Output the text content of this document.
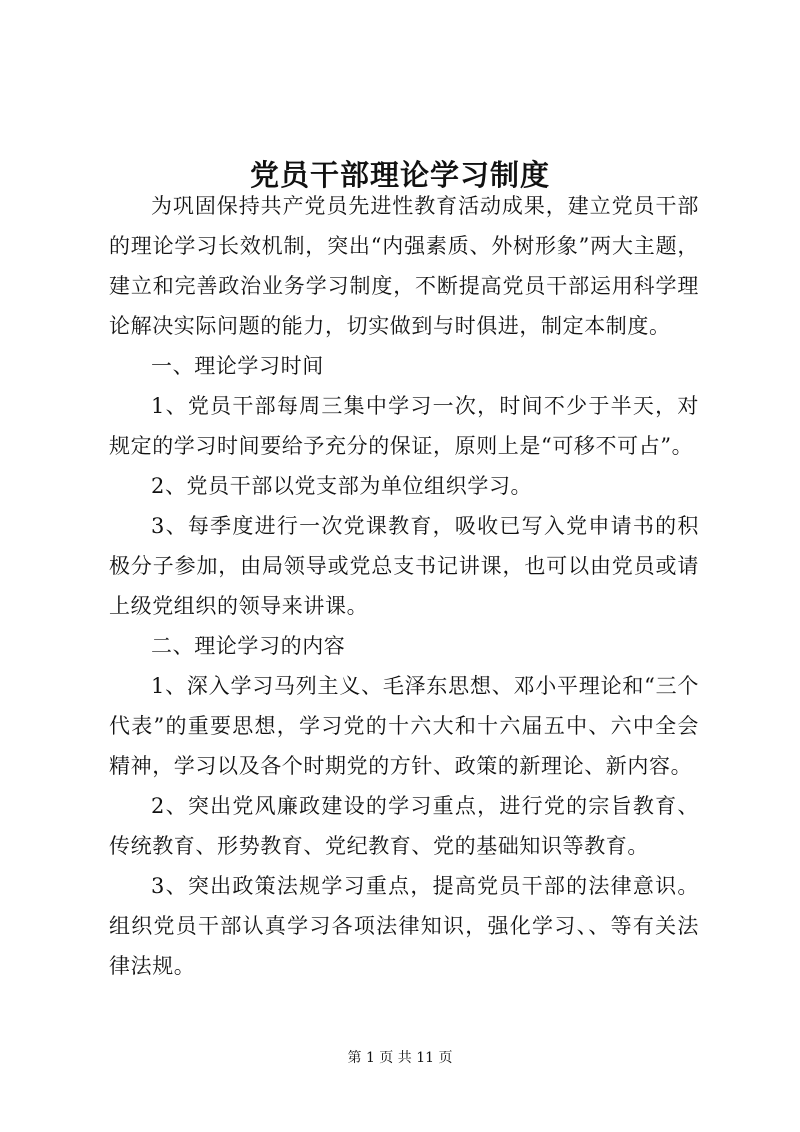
党员干部理论学习制度

为巩固保持共产党员先进性教育活动成果，建立党员干部的理论学习长效机制，突出“内强素质、外树形象”两大主题，建立和完善政治业务学习制度，不断提高党员干部运用科学理论解决实际问题的能力，切实做到与时俱进，制定本制度。

一、理论学习时间

1、党员干部每周三集中学习一次，时间不少于半天，对规定的学习时间要给予充分的保证，原则上是“可移不可占”。

2、党员干部以党支部为单位组织学习。

3、每季度进行一次党课教育，吸收已写入党申请书的积极分子参加，由局领导或党总支书记讲课，也可以由党员或请上级党组织的领导来讲课。

二、理论学习的内容

1、深入学习马列主义、毛泽东思想、邓小平理论和“三个代表”的重要思想，学习党的十六大和十六届五中、六中全会精神，学习以及各个时期党的方针、政策的新理论、新内容。

2、突出党风廉政建设的学习重点，进行党的宗旨教育、传统教育、形势教育、党纪教育、党的基础知识等教育。

3、突出政策法规学习重点，提高党员干部的法律意识。组织党员干部认真学习各项法律知识，强化学习、、等有关法律法规。

第 1 页 共 11 页
